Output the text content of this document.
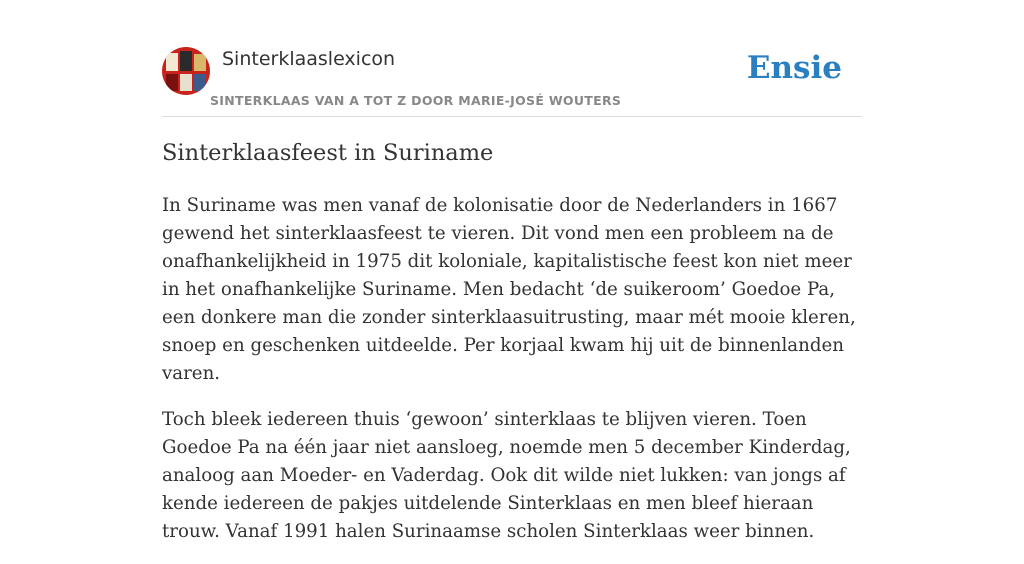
Sinterklaaslexicon
SINTERKLAAS VAN A TOT Z DOOR MARIE-JOSÉ WOUTERS
Ensie
Sinterklaasfeest in Suriname

In Suriname was men vanaf de kolonisatie door de Nederlanders in 1667 gewend het sinterklaasfeest te vieren. Dit vond men een probleem na de onafhankelijkheid in 1975 dit koloniale, kapitalistische feest kon niet meer in het onafhankelijke Suriname. Men bedacht ‘de suikeroom’ Goedoe Pa, een donkere man die zonder sinterklaasuitrusting, maar mét mooie kleren, snoep en geschenken uitdeelde. Per korjaal kwam hij uit de binnenlanden varen.

Toch bleek iedereen thuis ‘gewoon’ sinterklaas te blijven vieren. Toen Goedoe Pa na één jaar niet aansloeg, noemde men 5 december Kinderdag, analoog aan Moeder- en Vaderdag. Ook dit wilde niet lukken: van jongs af kende iedereen de pakjes uitdelende Sinterklaas en men bleef hieraan trouw. Vanaf 1991 halen Surinaamse scholen Sinterklaas weer binnen.
